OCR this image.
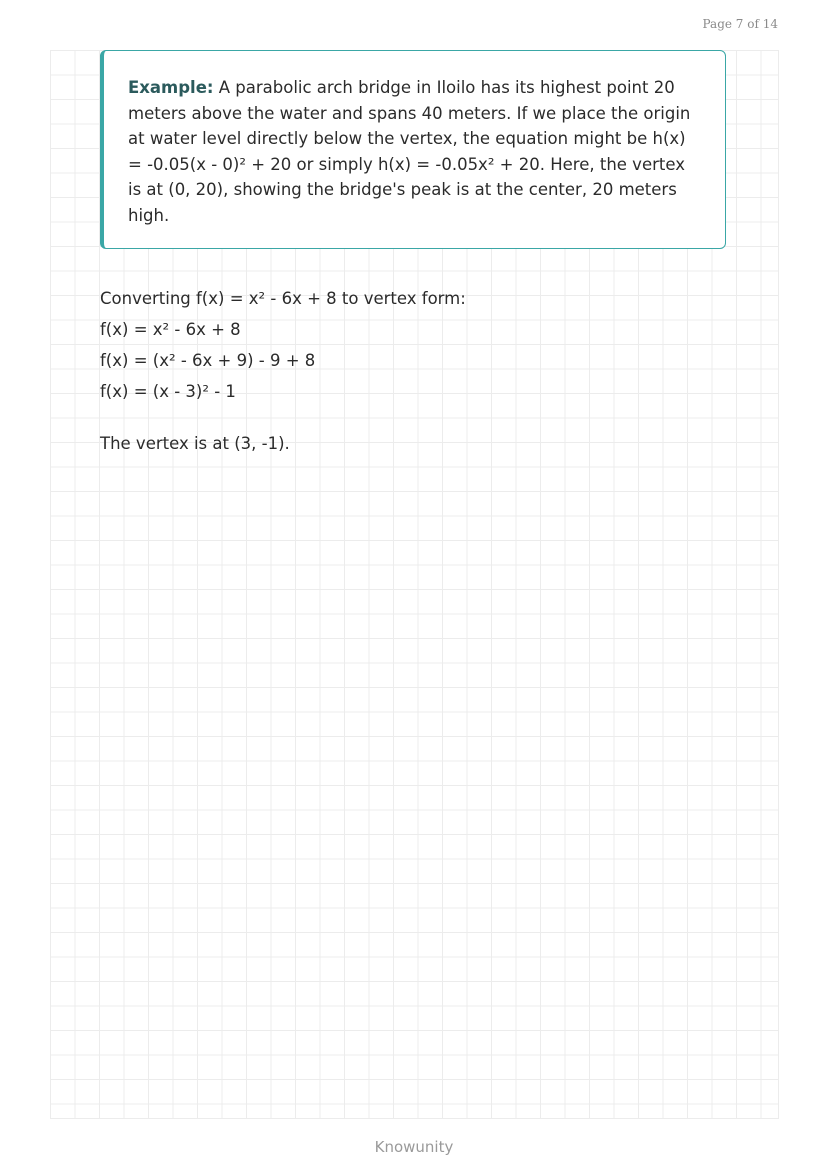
Page 7 of 14

Example: A parabolic arch bridge in Iloilo has its highest point 20 meters above the water and spans 40 meters. If we place the origin at water level directly below the vertex, the equation might be h(x) = -0.05(x - 0)² + 20 or simply h(x) = -0.05x² + 20. Here, the vertex is at (0, 20), showing the bridge's peak is at the center, 20 meters high.

Converting f(x) = x² - 6x + 8 to vertex form:

f(x) = x² - 6x + 8

f(x) = (x² - 6x + 9) - 9 + 8

f(x) = (x - 3)² - 1

The vertex is at (3, -1).

Knowunity
